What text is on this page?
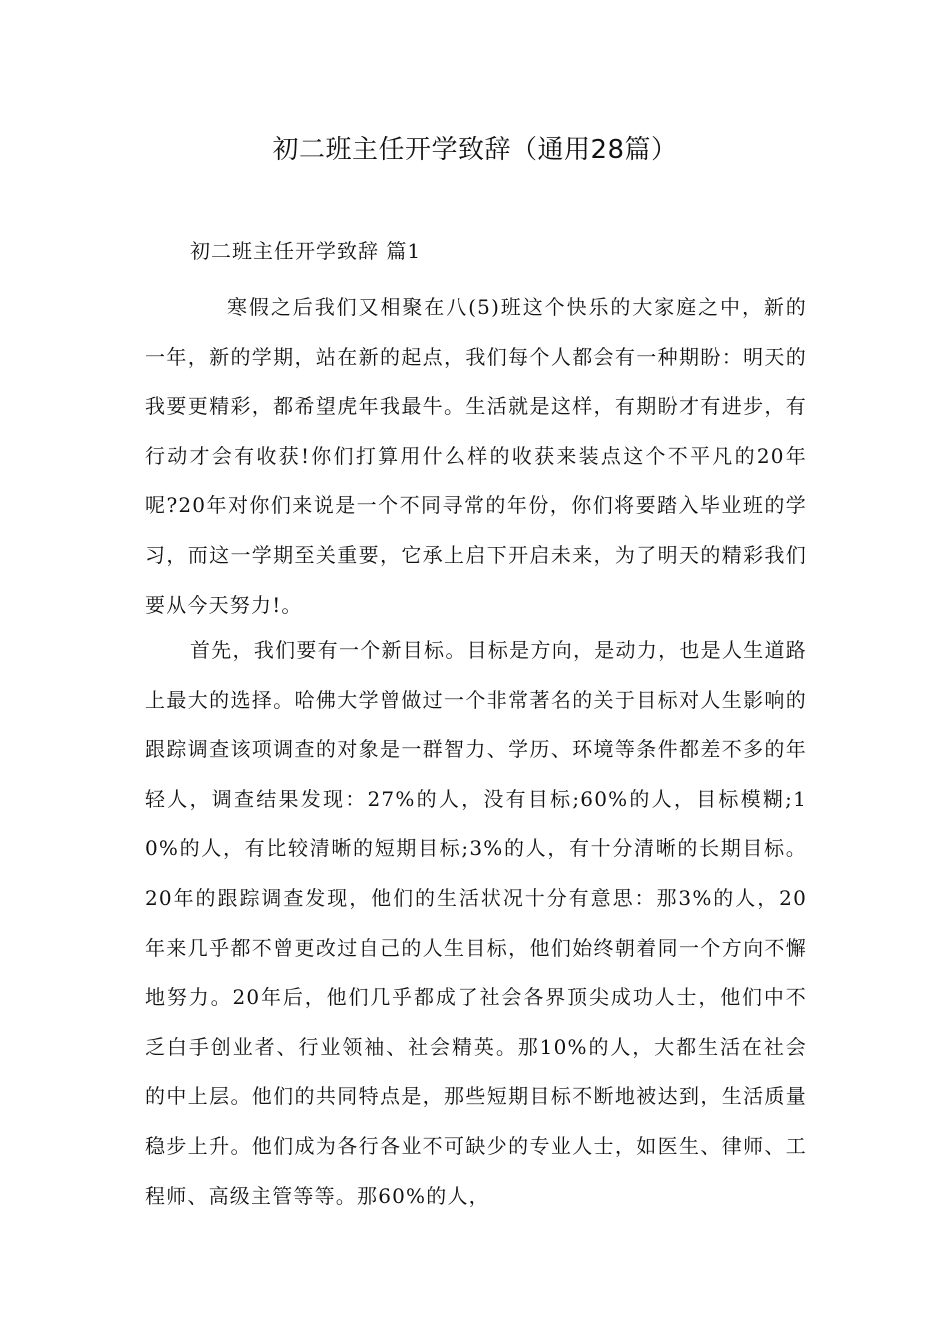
初二班主任开学致辞（通用28篇）
初二班主任开学致辞 篇1

寒假之后我们又相聚在八(5)班这个快乐的大家庭之中，新的一年，新的学期，站在新的起点，我们每个人都会有一种期盼：明天的我要更精彩，都希望虎年我最牛。生活就是这样，有期盼才有进步，有行动才会有收获!你们打算用什么样的收获来装点这个不平凡的20年呢?20年对你们来说是一个不同寻常的年份，你们将要踏入毕业班的学习，而这一学期至关重要，它承上启下开启未来，为了明天的精彩我们要从今天努力!。

首先，我们要有一个新目标。目标是方向，是动力，也是人生道路上最大的选择。哈佛大学曾做过一个非常著名的关于目标对人生影响的跟踪调查该项调查的对象是一群智力、学历、环境等条件都差不多的年轻人，调查结果发现：27%的人，没有目标;60%的人，目标模糊;10%的人，有比较清晰的短期目标;3%的人，有十分清晰的长期目标。20年的跟踪调查发现，他们的生活状况十分有意思：那3%的人，20年来几乎都不曾更改过自己的人生目标，他们始终朝着同一个方向不懈地努力。20年后，他们几乎都成了社会各界顶尖成功人士，他们中不乏白手创业者、行业领袖、社会精英。那10%的人，大都生活在社会的中上层。他们的共同特点是，那些短期目标不断地被达到，生活质量稳步上升。他们成为各行各业不可缺少的专业人士，如医生、律师、工程师、高级主管等等。那60%的人，
